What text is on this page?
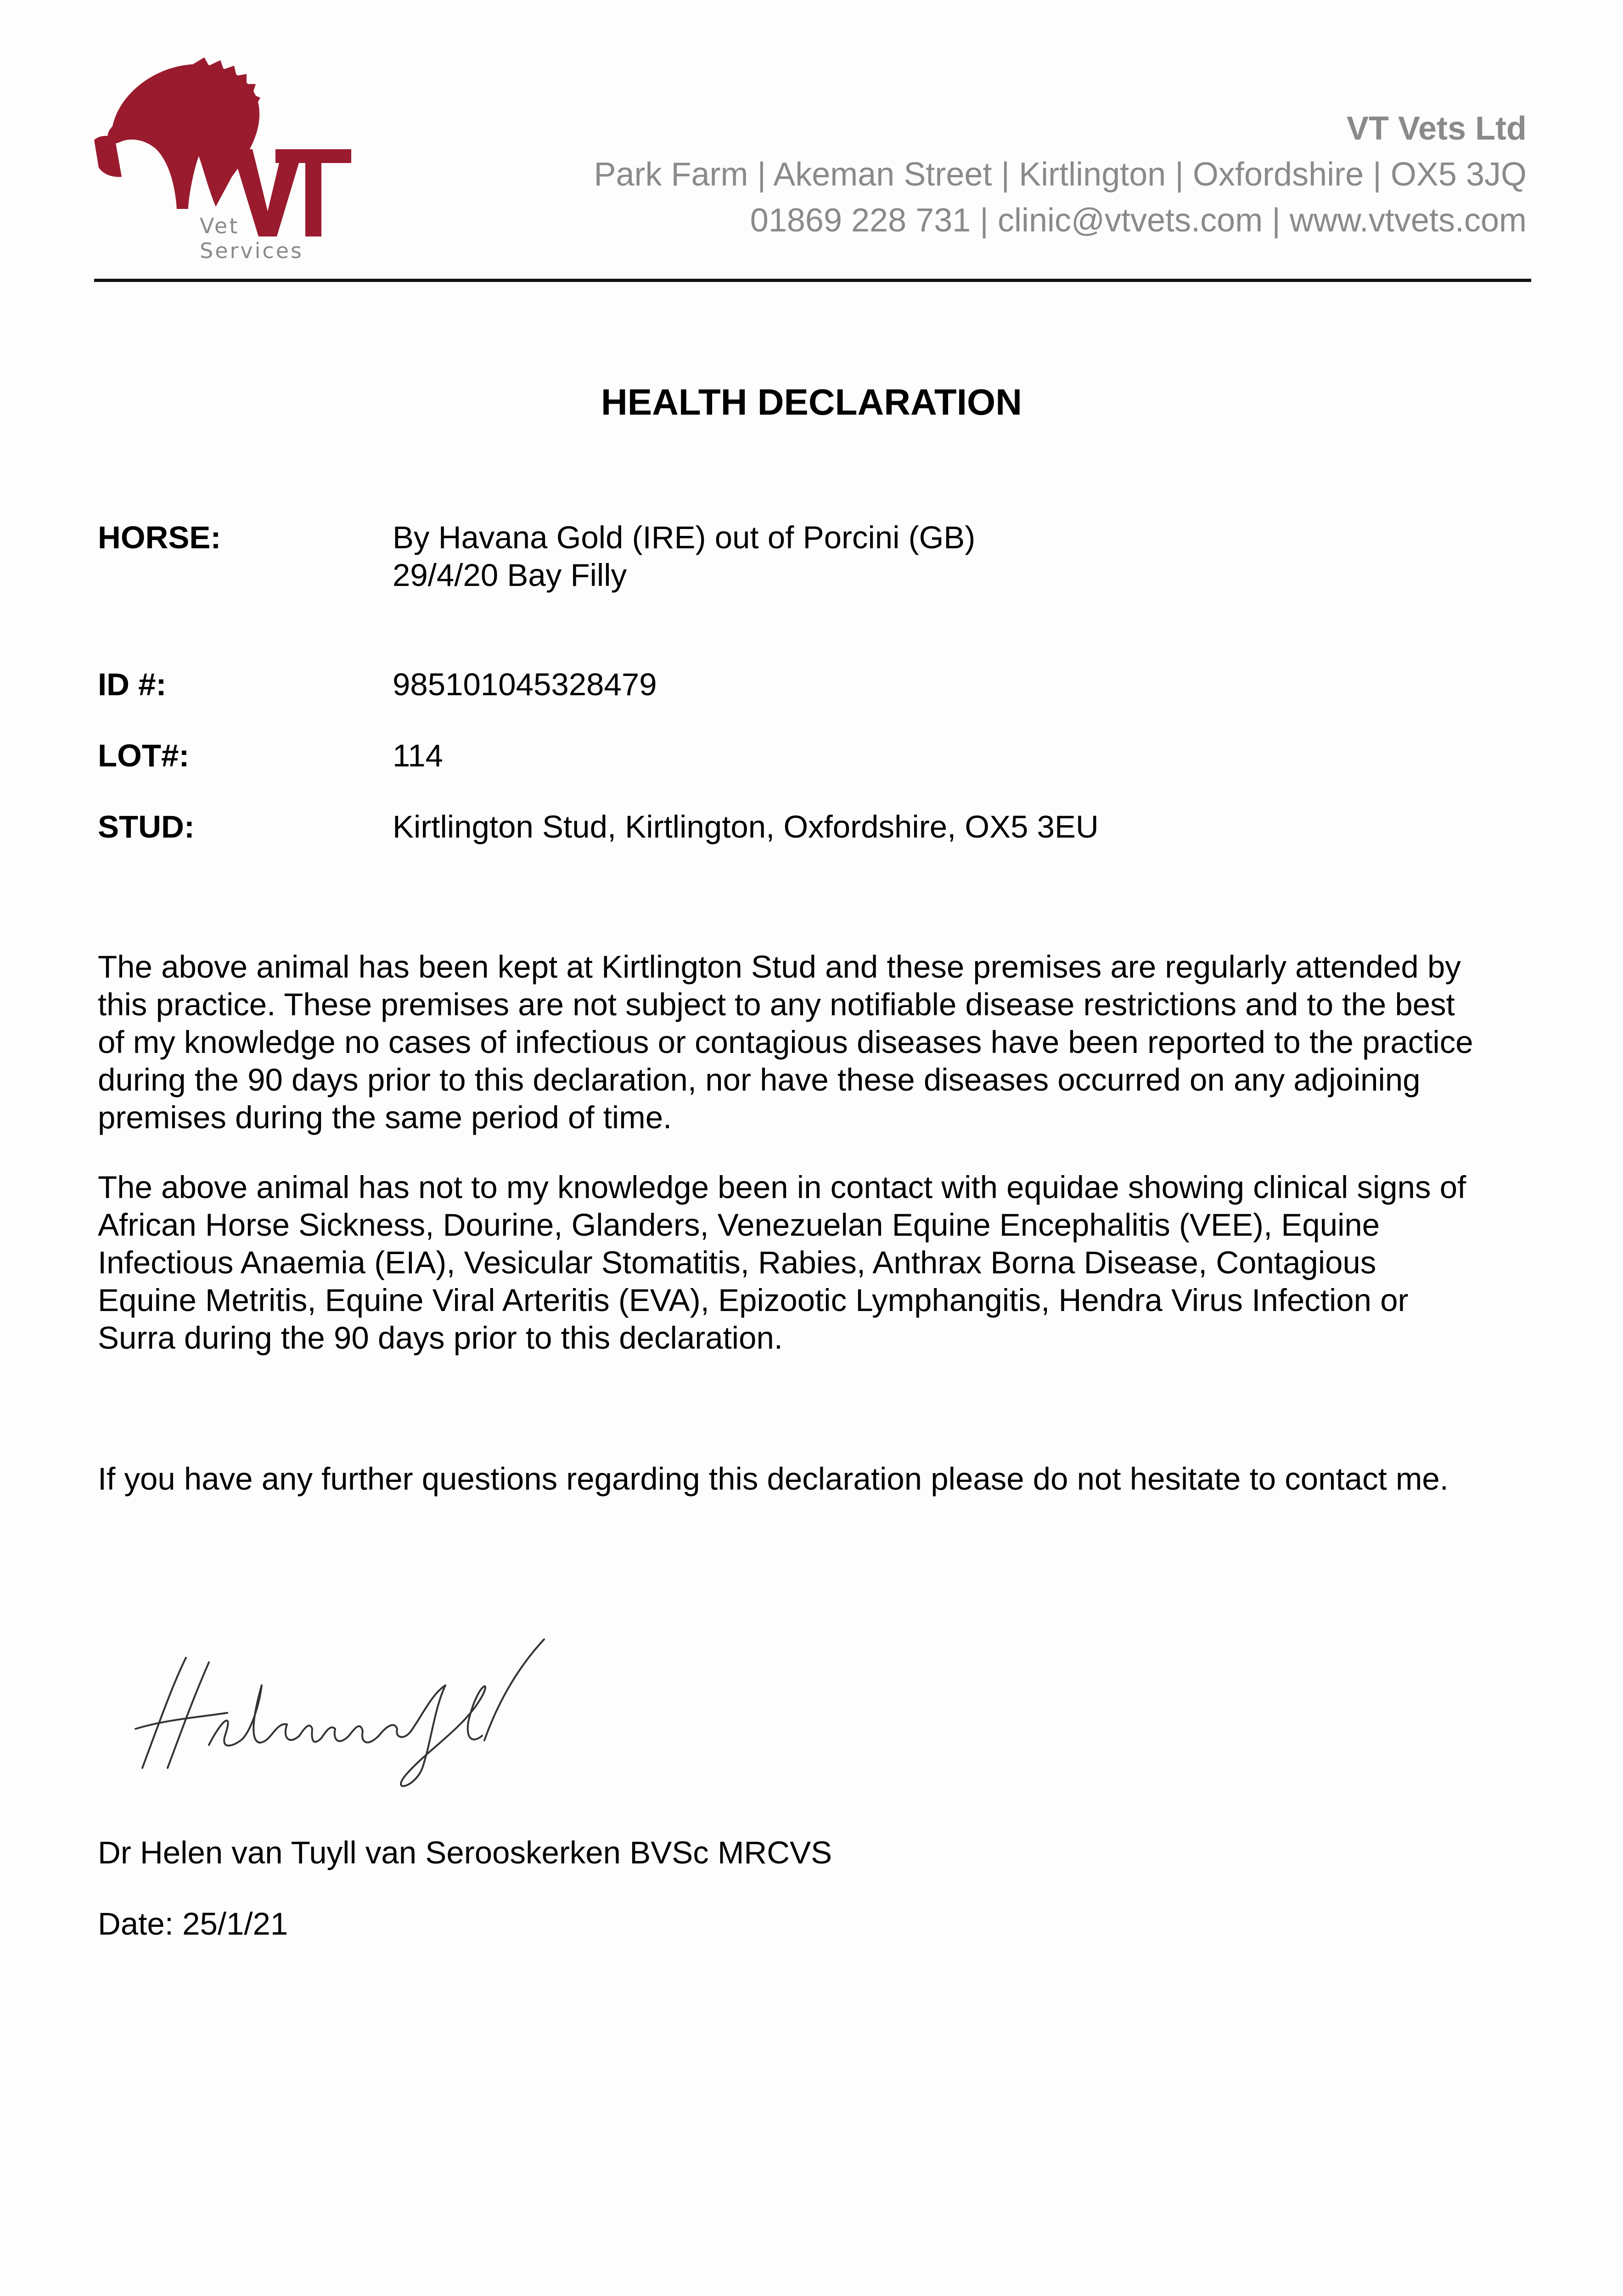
Vet Services
VT Vets Ltd
Park Farm | Akeman Street | Kirtlington | Oxfordshire | OX5 3JQ
01869 228 731 | clinic@vtvets.com | www.vtvets.com
HEALTH DECLARATION
HORSE:	By Havana Gold (IRE) out of Porcini (GB)
29/4/20 Bay Filly
ID #:	985101045328479
LOT#:	114
STUD:	Kirtlington Stud, Kirtlington, Oxfordshire, OX5 3EU
The above animal has been kept at Kirtlington Stud and these premises are regularly attended by
this practice. These premises are not subject to any notifiable disease restrictions and to the best
of my knowledge no cases of infectious or contagious diseases have been reported to the practice
during the 90 days prior to this declaration, nor have these diseases occurred on any adjoining
premises during the same period of time.
The above animal has not to my knowledge been in contact with equidae showing clinical signs of
African Horse Sickness, Dourine, Glanders, Venezuelan Equine Encephalitis (VEE), Equine
Infectious Anaemia (EIA), Vesicular Stomatitis, Rabies, Anthrax Borna Disease, Contagious
Equine Metritis, Equine Viral Arteritis (EVA), Epizootic Lymphangitis, Hendra Virus Infection or
Surra during the 90 days prior to this declaration.
If you have any further questions regarding this declaration please do not hesitate to contact me.
Dr Helen van Tuyll van Serooskerken BVSc MRCVS
Date: 25/1/21
